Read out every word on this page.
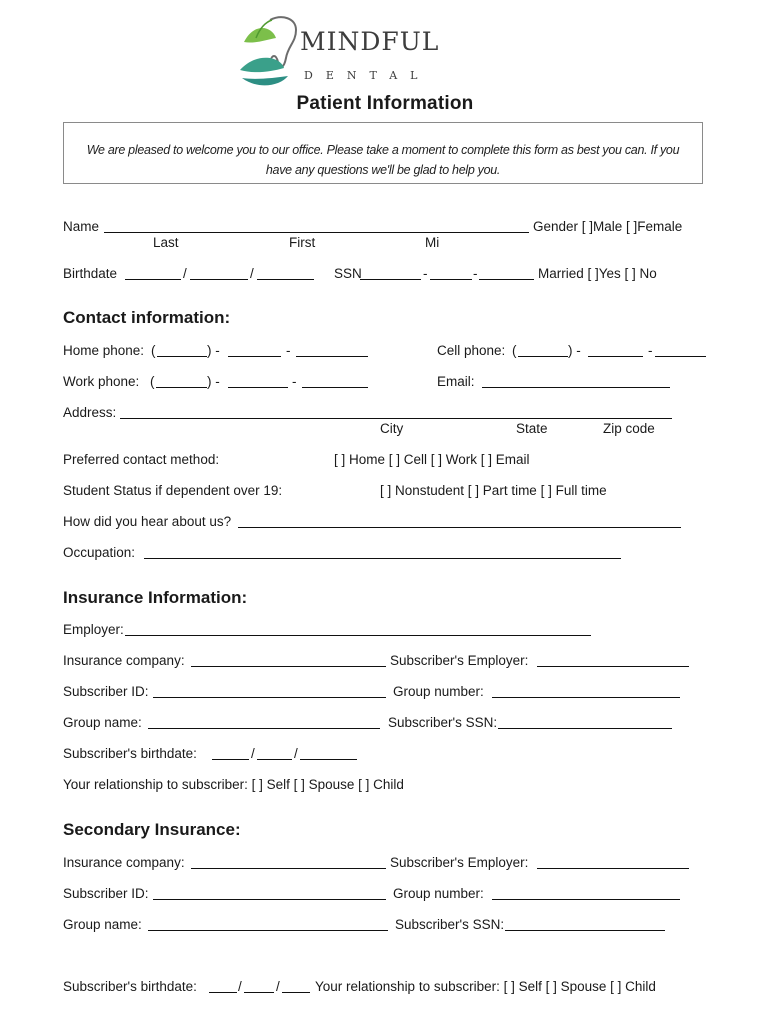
MINDFUL
DENTAL
Patient Information
We are pleased to welcome you to our office. Please take a moment to complete this form as best you can. If you have any questions we'll be glad to help you.
Name	Gender [ ]Male [ ]Female
Last	First	Mi
Birthdate	/	/	SSN	-	-	Married [ ]Yes [ ] No
Contact information:
Home phone: (	) -	-	Cell phone: (	) -	-
Work phone: (	) -	-	Email:
Address:
City	State	Zip code
Preferred contact method:	[ ] Home [ ] Cell [ ] Work [ ] Email
Student Status if dependent over 19:	[ ] Nonstudent [ ] Part time [ ] Full time
How did you hear about us?
Occupation:
Insurance Information:
Employer:
Insurance company:	Subscriber's Employer:
Subscriber ID:	Group number:
Group name:	Subscriber's SSN:
Subscriber's birthdate:	/	/
Your relationship to subscriber: [ ] Self [ ] Spouse [ ] Child
Secondary Insurance:
Insurance company:	Subscriber's Employer:
Subscriber ID:	Group number:
Group name:	Subscriber's SSN:
Subscriber's birthdate:	/	/	Your relationship to subscriber: [ ] Self [ ] Spouse [ ] Child
